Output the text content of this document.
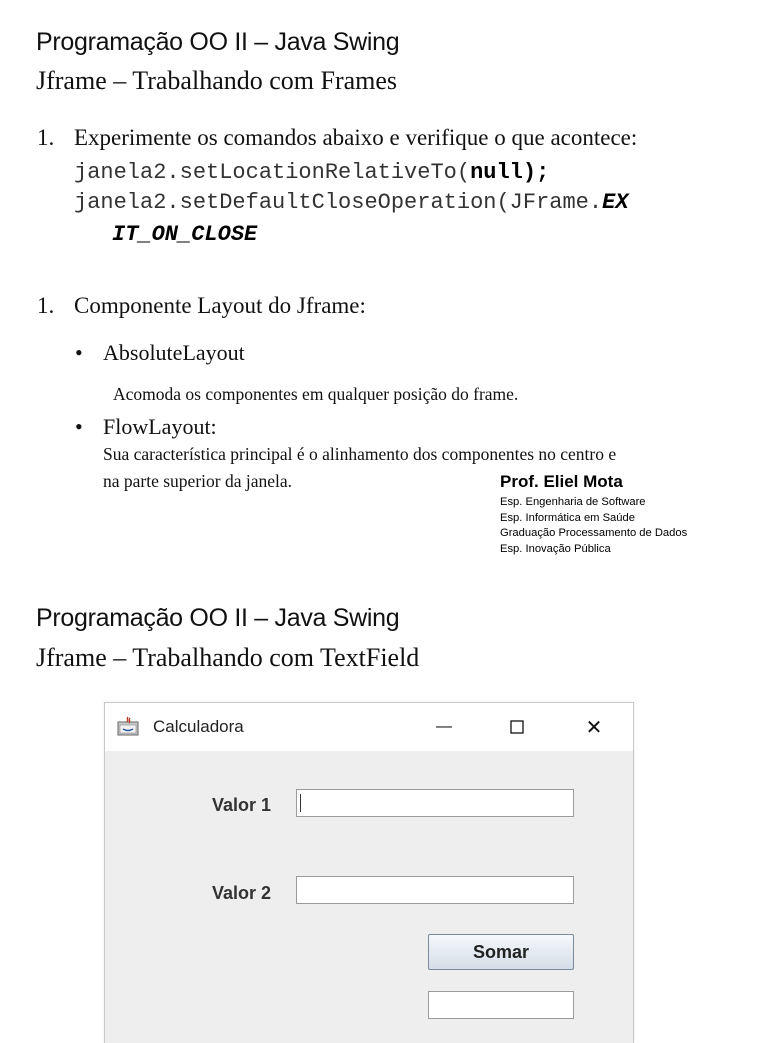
Programação OO II – Java Swing
Jframe – Trabalhando com Frames
1. Experimente os comandos abaixo e verifique o que acontece:
janela2.setLocationRelativeTo(null);
janela2.setDefaultCloseOperation(JFrame.EX
IT_ON_CLOSE
1. Componente Layout do Jframe:
• AbsoluteLayout
Acomoda os componentes em qualquer posição do frame.
• FlowLayout:
Sua característica principal é o alinhamento dos componentes no centro e
na parte superior da janela.	Prof. Eliel Mota
Esp. Engenharia de Software
Esp. Informática em Saúde
Graduação Processamento de Dados
Esp. Inovação Pública
Programação OO II – Java Swing
Jframe – Trabalhando com TextField
Calculadora	—	✕
Valor 1
Valor 2
Somar
